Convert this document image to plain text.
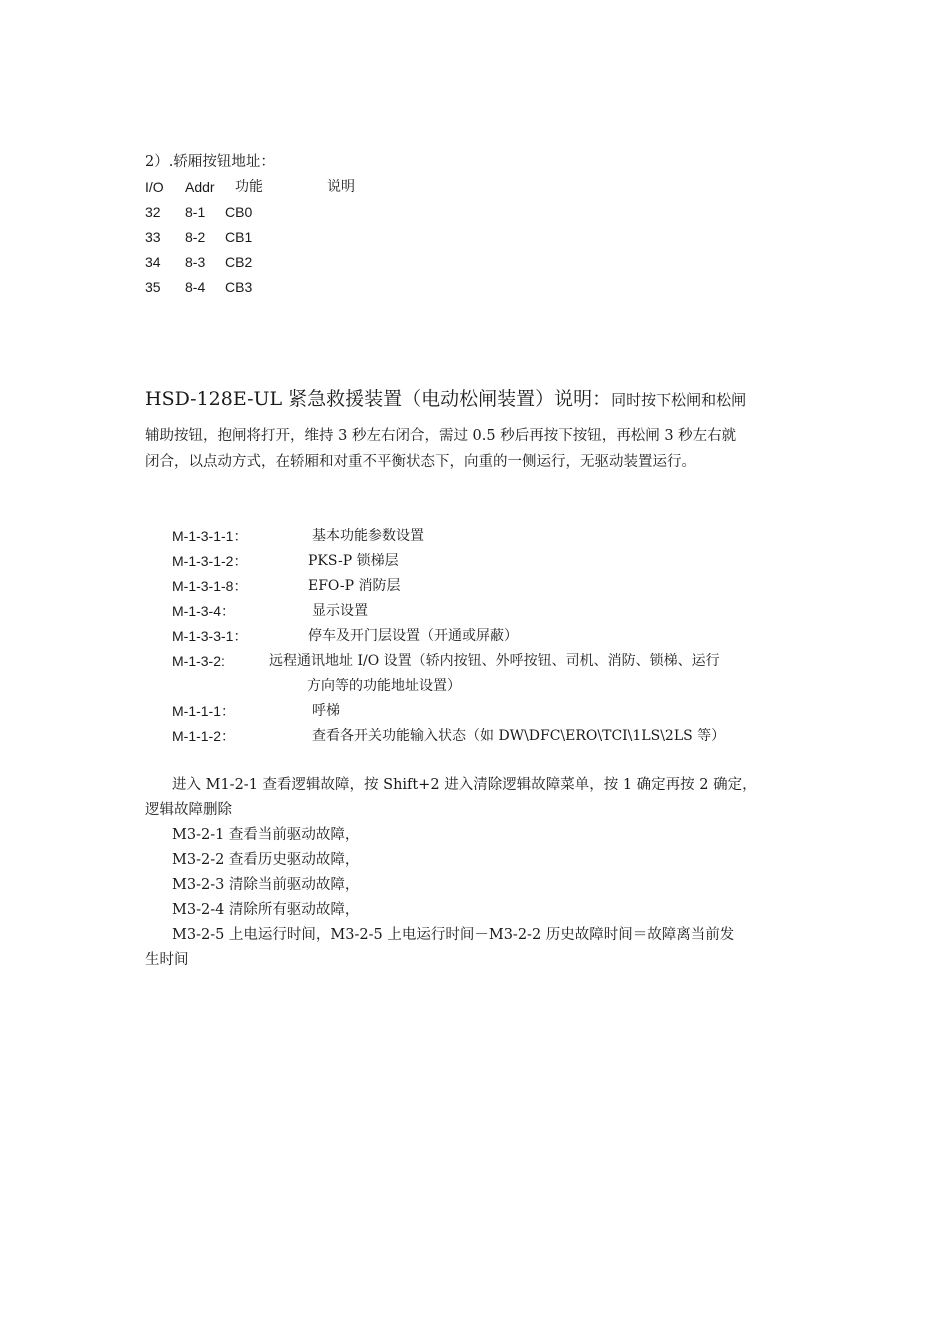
2）.轿厢按钮地址：
I/O Addr 功能	说明
32 8-1 CB0
33 8-2 CB1
34 8-3 CB2
35 8-4 CB3
HSD-128E-UL 紧急救援装置（电动松闸装置）说明：同时按下松闸和松闸
辅助按钮，抱闸将打开，维持 3 秒左右闭合，需过 0.5 秒后再按下按钮，再松闸 3 秒左右就
闭合，以点动方式，在轿厢和对重不平衡状态下，向重的一侧运行，无驱动装置运行。
M-1-3-1-1：	基本功能参数设置
M-1-3-1-2：	PKS-P 锁梯层
M-1-3-1-8：	EFO-P 消防层
M-1-3-4：	显示设置
M-1-3-3-1：	停车及开门层设置（开通或屏蔽）
M-1-3-2:	远程通讯地址 I/O 设置（轿内按钮、外呼按钮、司机、消防、锁梯、运行
方向等的功能地址设置）
M-1-1-1：	呼梯
M-1-1-2：	查看各开关功能输入状态（如 DW\DFC\ERO\TCI\1LS\2LS 等）
进入 M1-2-1 查看逻辑故障，按 Shift+2 进入清除逻辑故障菜单，按 1 确定再按 2 确定，
逻辑故障删除
M3-2-1 查看当前驱动故障，
M3-2-2 查看历史驱动故障，
M3-2-3 清除当前驱动故障，
M3-2-4 清除所有驱动故障，
M3-2-5 上电运行时间，M3-2-5 上电运行时间－M3-2-2 历史故障时间＝故障离当前发
生时间
